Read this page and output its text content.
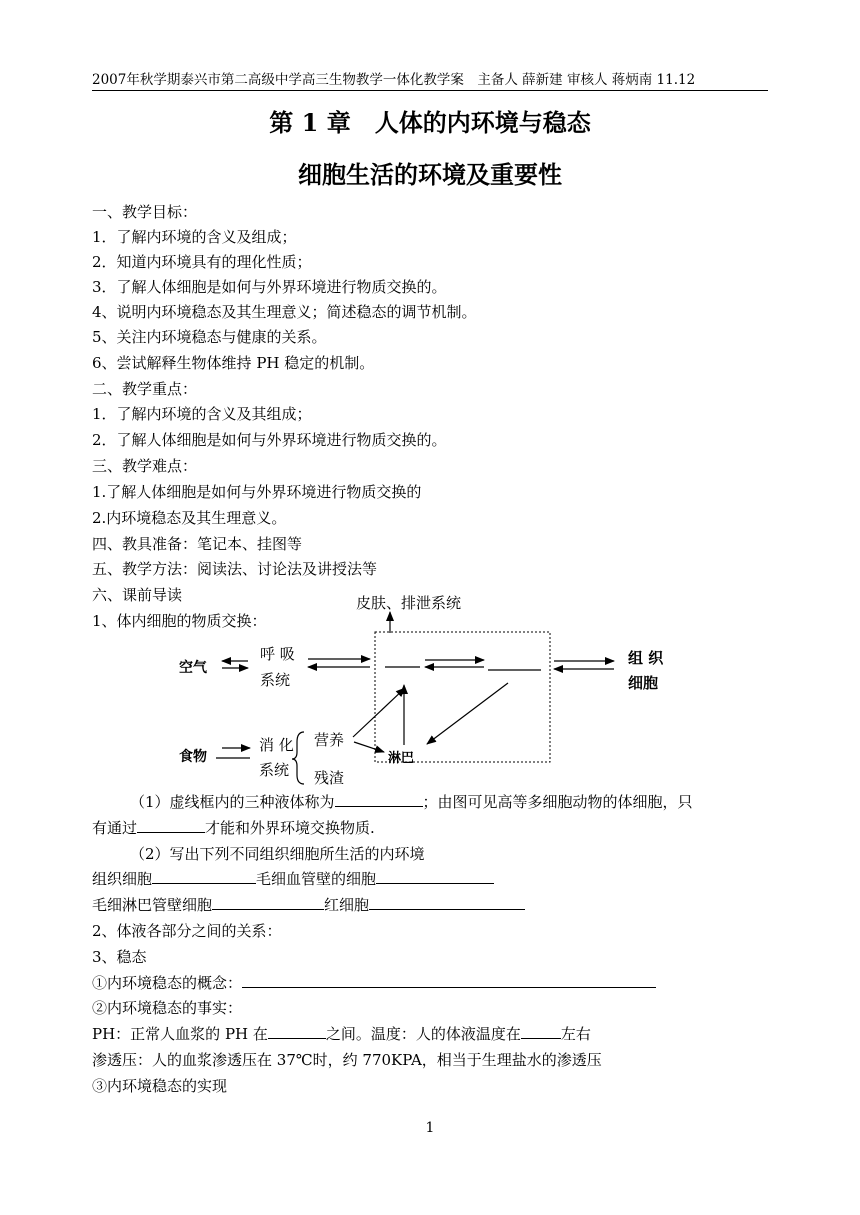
2007年秋学期泰兴市第二高级中学高三生物教学一体化教学案　主备人 薛新建 审核人 蒋炳南 11.12
第 1 章　人体的内环境与稳态
细胞生活的环境及重要性
一、教学目标：
1．了解内环境的含义及组成；
2．知道内环境具有的理化性质；
3．了解人体细胞是如何与外界环境进行物质交换的。
4、说明内环境稳态及其生理意义；简述稳态的调节机制。
5、关注内环境稳态与健康的关系。
6、尝试解释生物体维持 PH 稳定的机制。
二、教学重点：
1．了解内环境的含义及其组成；
2．了解人体细胞是如何与外界环境进行物质交换的。
三、教学难点：
1.了解人体细胞是如何与外界环境进行物质交换的
2.内环境稳态及其生理意义。
四、教具准备：笔记本、挂图等
五、教学方法：阅读法、讨论法及讲授法等
六、课前导读
1、体内细胞的物质交换：
皮肤、排泄系统
空气
呼 吸
系统
组 织
细胞
食物
消 化
系统
营养
残渣
淋巴
（1）虚线框内的三种液体称为	；由图可见高等多细胞动物的体细胞，只
有通过	才能和外界环境交换物质.
（2）写出下列不同组织细胞所生活的内环境
组织细胞	毛细血管壁的细胞
毛细淋巴管壁细胞	红细胞
2、体液各部分之间的关系：
3、稳态
①内环境稳态的概念：
②内环境稳态的事实：
PH：正常人血浆的 PH 在	之间。温度：人的体液温度在	左右
渗透压：人的血浆渗透压在 37℃时，约 770KPA，相当于生理盐水的渗透压
③内环境稳态的实现
1
